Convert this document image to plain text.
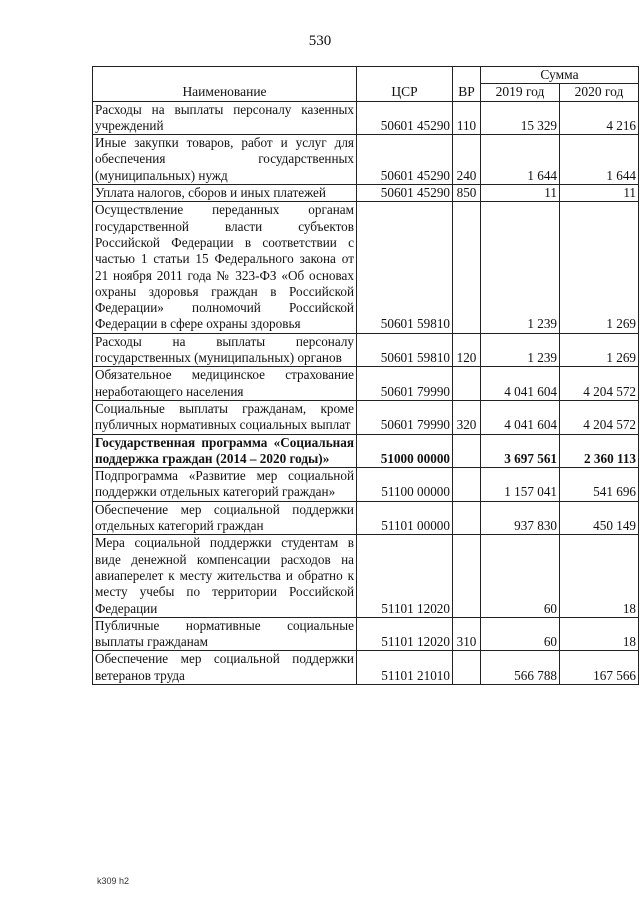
530
Наименование	ЦСР	ВР	Сумма	
			2019 год	2020 год
Расходы на выплаты персоналу казенных учреждений	50601 45290	110	15 329	4 216
Иные закупки товаров, работ и услуг для обеспечения государственных (муниципальных) нужд	50601 45290	240	1 644	1 644
Уплата налогов, сборов и иных платежей	50601 45290	850	11	11
Осуществление переданных органам государственной власти субъектов Российской Федерации в соответствии с частью 1 статьи 15 Федерального закона от 21 ноября 2011 года № 323-ФЗ «Об основах охраны здоровья граждан в Российской Федерации» полномочий Российской Федерации в сфере охраны здоровья	50601 59810		1 239	1 269
Расходы на выплаты персоналу государственных (муниципальных) органов	50601 59810	120	1 239	1 269
Обязательное медицинское страхование неработающего населения	50601 79990		4 041 604	4 204 572
Социальные выплаты гражданам, кроме публичных нормативных социальных выплат	50601 79990	320	4 041 604	4 204 572
Государственная программа «Социальная поддержка граждан (2014 – 2020 годы)»	51000 00000		3 697 561	2 360 113
Подпрограмма «Развитие мер социальной поддержки отдельных категорий граждан»	51100 00000		1 157 041	541 696
Обеспечение мер социальной поддержки отдельных категорий граждан	51101 00000		937 830	450 149
Мера социальной поддержки студентам в виде денежной компенсации расходов на авиаперелет к месту жительства и обратно к месту учебы по территории Российской Федерации	51101 12020		60	18
Публичные нормативные социальные выплаты гражданам	51101 12020	310	60	18
Обеспечение мер социальной поддержки ветеранов труда	51101 21010		566 788	167 566
k309 h2
